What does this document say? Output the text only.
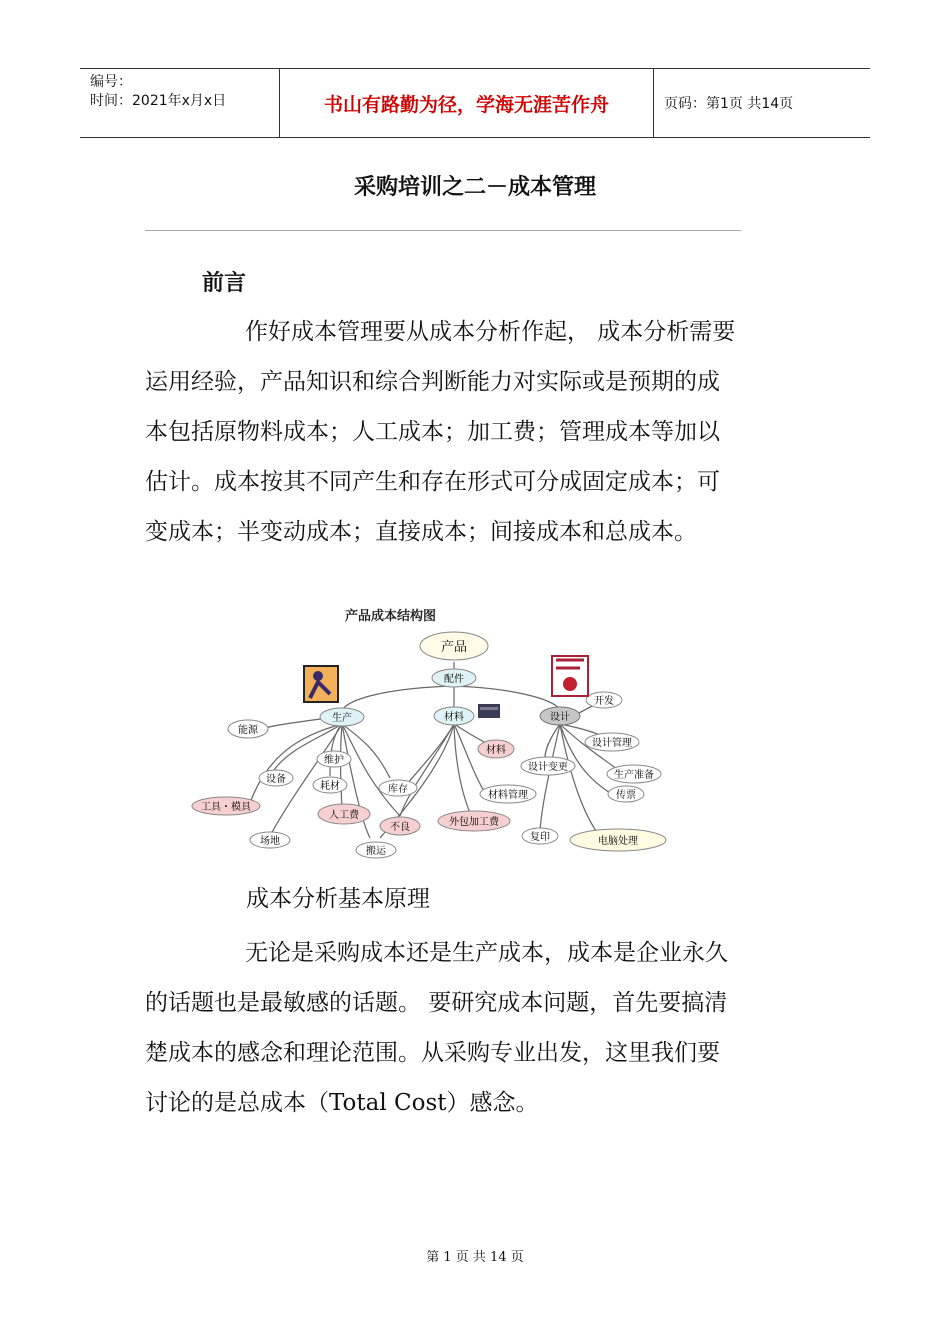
编号：
时间：2021年x月x日	书山有路勤为径，学海无涯苦作舟	页码：第1页 共14页
采购培训之二－成本管理
前言
作好成本管理要从成本分析作起， 成本分析需要
运用经验，产品知识和综合判断能力对实际或是预期的成
本包括原物料成本；人工成本；加工费；管理成本等加以
估计。成本按其不同产生和存在形式可分成固定成本；可
变成本；半变动成本；直接成本；间接成本和总成本。
产品成本结构图
产品
配件
生产	材料	设计
能源
维护
设备
耗材
工具・模具
库存
人工费
不良	外包加工费
场地
搬运
材料
材料管理
开发
设计管理
设计变更
生产准备
传票
复印	电脑处理
成本分析基本原理
无论是采购成本还是生产成本，成本是企业永久
的话题也是最敏感的话题。 要研究成本问题，首先要搞清
楚成本的感念和理论范围。从采购专业出发，这里我们要
讨论的是总成本（Total Cost）感念。
第 1 页 共 14 页
